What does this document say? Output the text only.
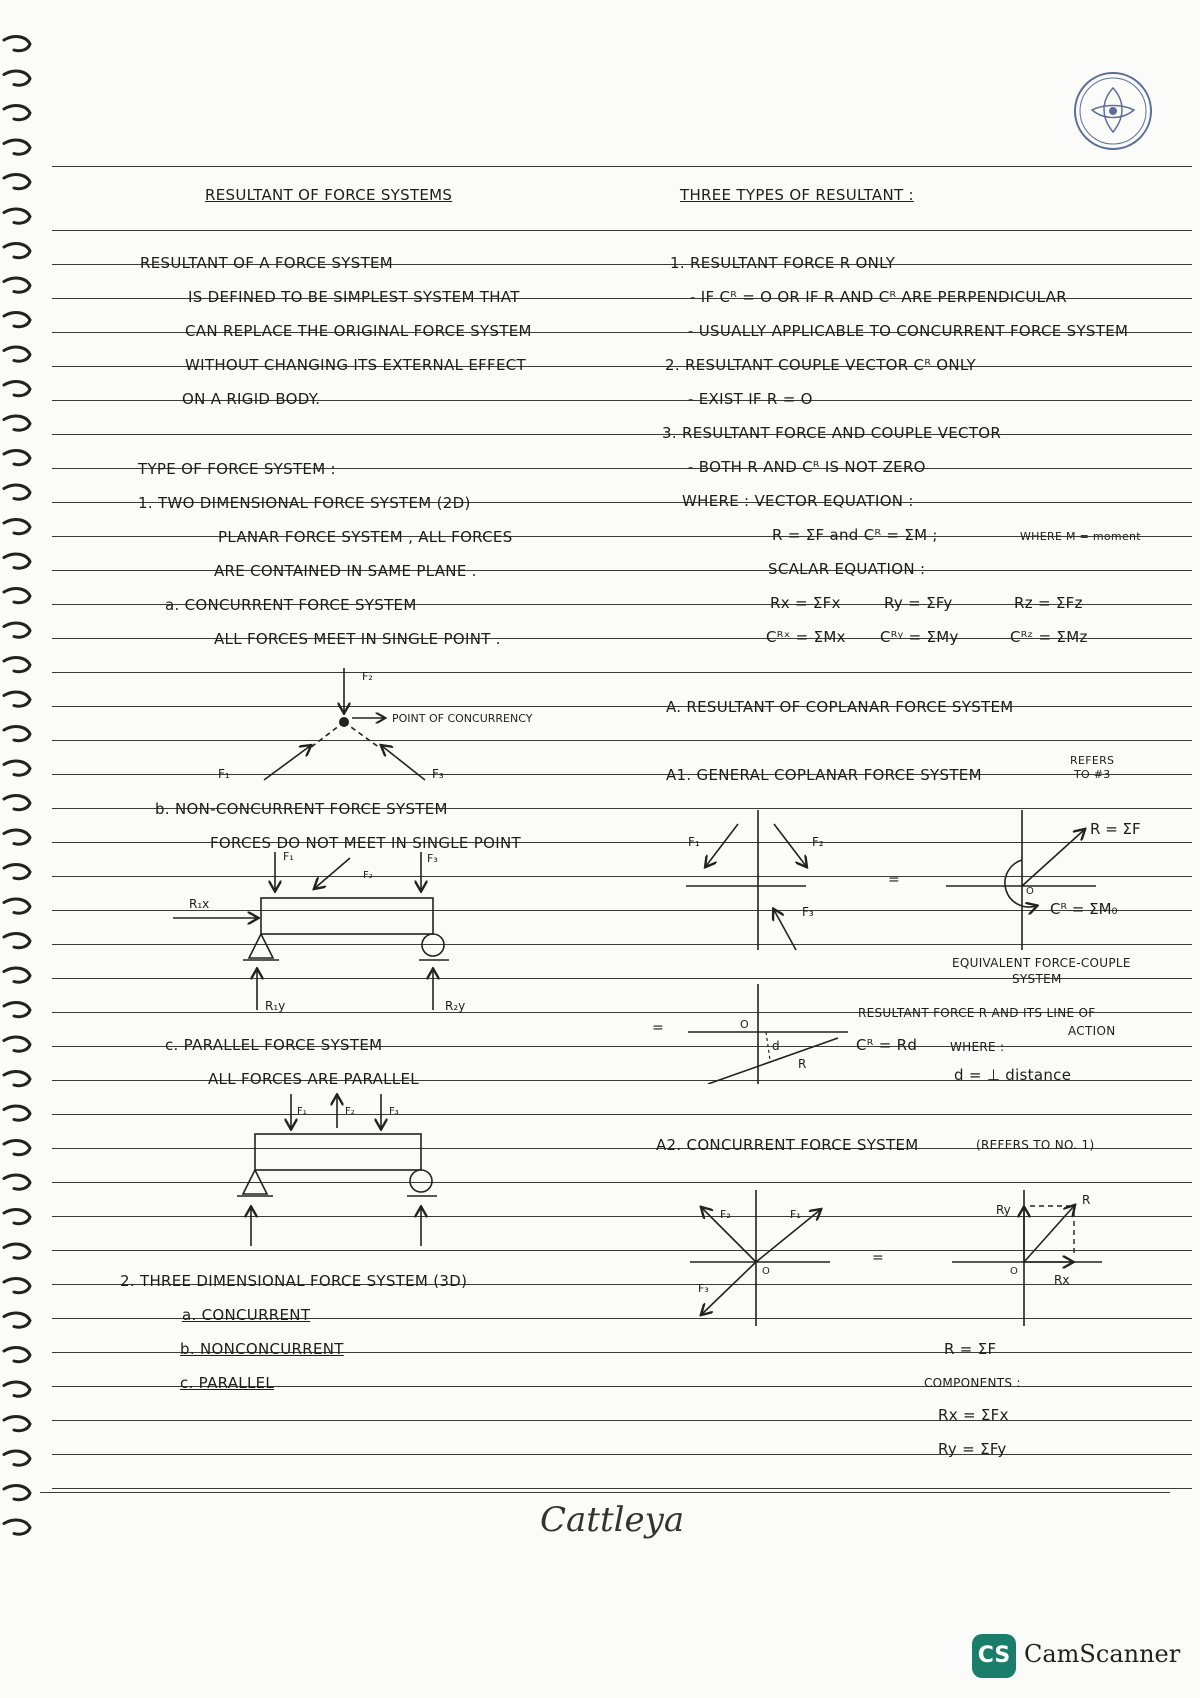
RESULTANT OF FORCE SYSTEMS
RESULTANT OF A FORCE SYSTEM
IS DEFINED TO BE SIMPLEST SYSTEM THAT
CAN REPLACE THE ORIGINAL FORCE SYSTEM
WITHOUT CHANGING ITS EXTERNAL EFFECT
ON A RIGID BODY.
TYPE OF FORCE SYSTEM :
1. TWO DIMENSIONAL FORCE SYSTEM (2D)
PLANAR FORCE SYSTEM , ALL FORCES
ARE CONTAINED IN SAME PLANE .
a. CONCURRENT FORCE SYSTEM
ALL FORCES MEET IN SINGLE POINT .
F₂
POINT OF CONCURRENCY
F₁	F₃
b. NON-CONCURRENT FORCE SYSTEM
FORCES DO NOT MEET IN SINGLE POINT
F₁
F₂
F₃
R₁x
R₁y	R₂y
c. PARALLEL FORCE SYSTEM
ALL FORCES ARE PARALLEL
F₁	F₂	F₃
2. THREE DIMENSIONAL FORCE SYSTEM (3D)
a. CONCURRENT
b. NONCONCURRENT
c. PARALLEL
THREE TYPES OF RESULTANT :
1. RESULTANT FORCE R ONLY
- IF Cᴿ = O OR IF R AND Cᴿ ARE PERPENDICULAR
- USUALLY APPLICABLE TO CONCURRENT FORCE SYSTEM
2. RESULTANT COUPLE VECTOR Cᴿ ONLY
- EXIST IF R = O
3. RESULTANT FORCE AND COUPLE VECTOR
- BOTH R AND Cᴿ IS NOT ZERO
WHERE : VECTOR EQUATION :
R = ΣF and Cᴿ = ΣM ;	WHERE M = moment
SCALAR EQUATION :
Rx = ΣFx	Ry = ΣFy	Rz = ΣFz
Cᴿˣ = ΣMx Cᴿʸ = ΣMy	Cᴿᶻ = ΣMz
A. RESULTANT OF COPLANAR FORCE SYSTEM
A1. GENERAL COPLANAR FORCE SYSTEM
REFERS
TO #3
F₁	F₂
F₃
=
R = ΣF
O
Cᴿ = ΣM₀
EQUIVALENT FORCE-COUPLE
SYSTEM
=	O
d
R
RESULTANT FORCE R AND ITS LINE OF
ACTION
Cᴿ = Rd	WHERE :
d = ⊥ distance
A2. CONCURRENT FORCE SYSTEM	(REFERS TO NO. 1)
F₂	F₁
F₃
O
=
Ry
R
Rx
O
R = ΣF
COMPONENTS :
Rx = ΣFx
Ry = ΣFy
Cattleya
CS CamScanner
